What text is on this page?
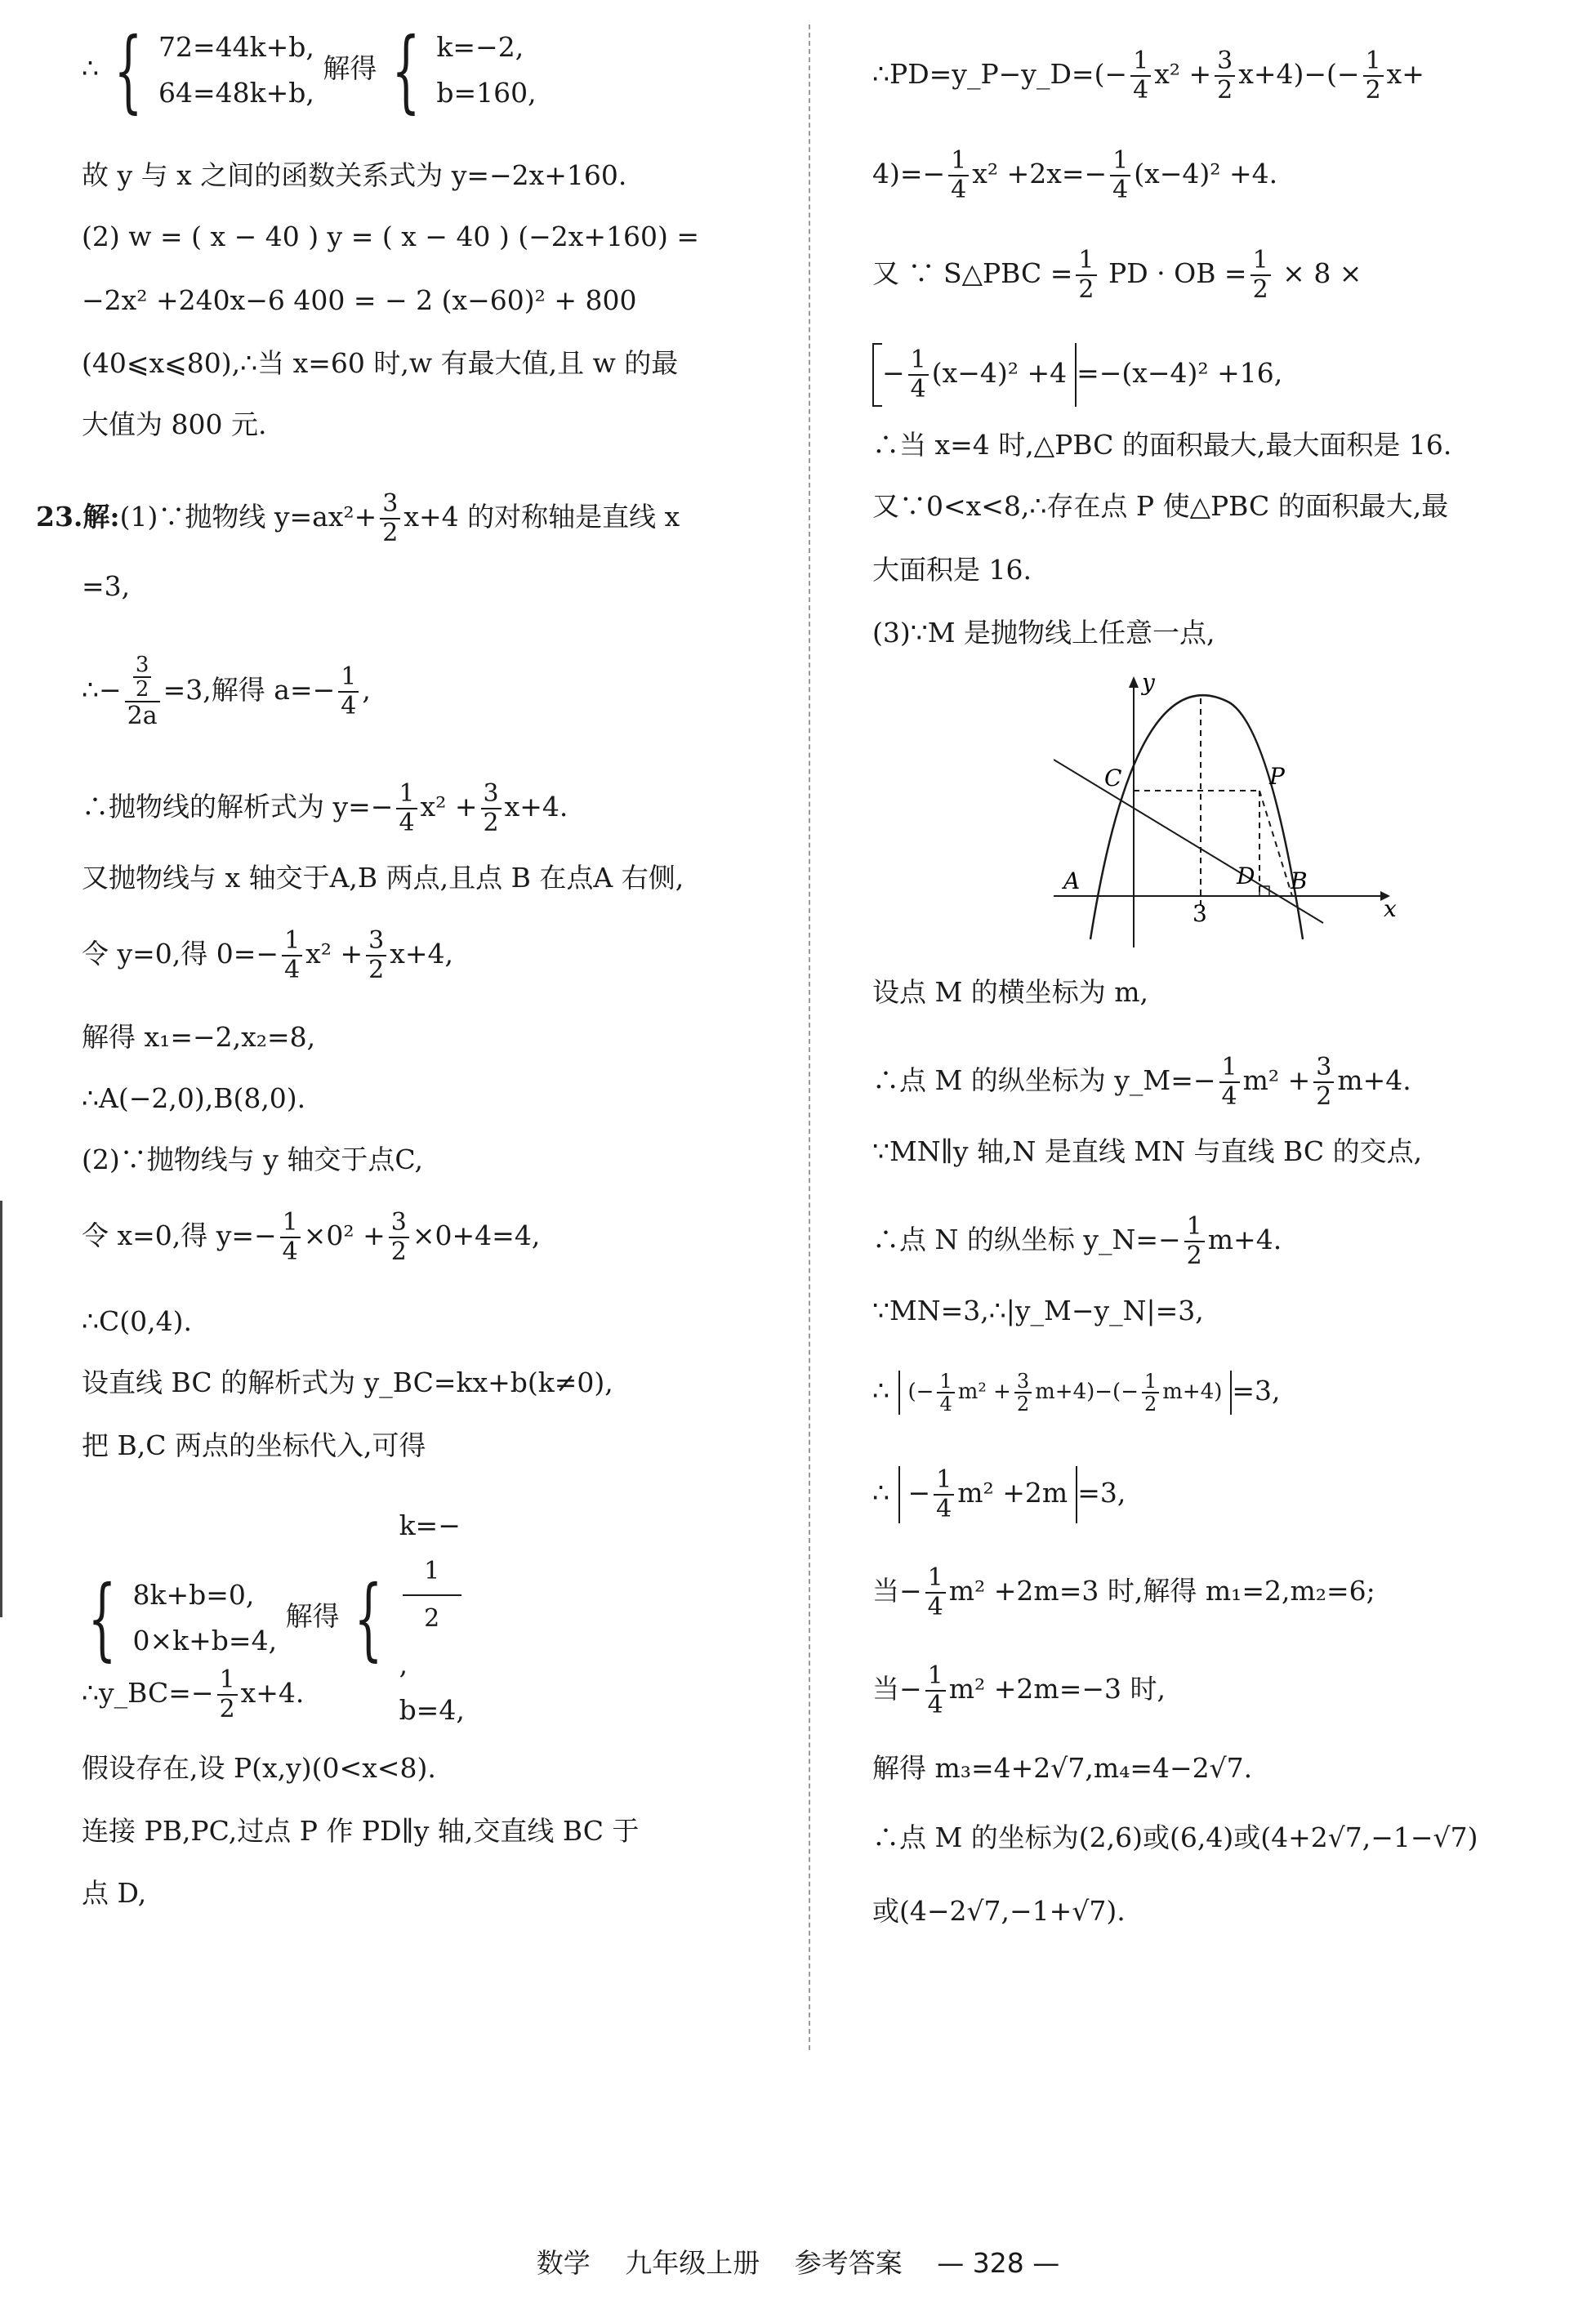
∴ { 72=44k+b,
64=48k+b,
解得 { k=−2,
b=160,
故 y 与 x 之间的函数关系式为 y=−2x+160.
(2) w = ( x − 40 ) y = ( x − 40 ) (−2x+160) =
−2x² +240x−6 400 = − 2 (x−60)² + 800
(40⩽x⩽80),∴当 x=60 时,w 有最大值,且 w 的最
大值为 800 元.
23.解:(1)∵抛物线 $y=ax^2+ \frac{3}{2} x+4$ 的对称轴是直线 x
=3,
∴− $\frac{\frac{3}{2}}{2a} =3$,解得 $a=- \frac{1}{4}$ ,
∴抛物线的解析式为 $y=- \frac{1}{4} x^2 + \frac{3}{2} x+4$.
又抛物线与 x 轴交于A,B 两点,且点 B 在点A 右侧,
令 y=0,得 $0=- \frac{1}{4} x^2 + \frac{3}{2} x+4$,
解得 x₁=−2,x₂=8,
∴A(−2,0),B(8,0).
(2)∵抛物线与 y 轴交于点C,
令 x=0,得 $y=- \frac{1}{4} \times 0^2 + \frac{3}{2} \times 0+4=4$,
∴C(0,4).
设直线 BC 的解析式为 y_BC=kx+b(k≠0),
把 B,C 两点的坐标代入,可得
{ 8k+b=0,
0×k+b=4,
解得 {
k=−
1
2
,
b=4,
∴y_BC=− $\frac{1}{2} x+4$.
假设存在,设 P(x,y)(0<x<8).
连接 PB,PC,过点 P 作 PD∥y 轴,交直线 BC 于
点 D,
∴PD=y_P−y_D=(− $\frac{1}{4} x^2 + \frac{3}{2} x+4)-(- \frac{1}{2} x+$
$4)=- \frac{1}{4} x^2 +2x=- \frac{1}{4} (x-4)^2 +4$.
又 ∵ S△PBC = $\frac{1}{2}$ PD · OB = $\frac{1}{2} \times 8$ ×
− $\frac{1}{4} (x-4)^2 +4 =-(x-4)^2 +16$,
∴当 x=4 时,△PBC 的面积最大,最大面积是 16.
又∵0<x<8,∴存在点 P 使△PBC 的面积最大,最
大面积是 16.
(3)∵M 是抛物线上任意一点,
设点 M 的横坐标为 m,
∴点 M 的纵坐标为 y_M=− $\frac{1}{4} m^2 + \frac{3}{2} m+4$.
∵MN∥y 轴,N 是直线 MN 与直线 BC 的交点,
∴点 N 的纵坐标 y_N=− $\frac{1}{2} m+4$.
∵MN=3,∴|y_M−y_N|=3,
∴ (− $\frac{1}{4} m^2 + \frac{3}{2} m+4)-(- \frac{1}{2} m+4) =3$,
∴ − $\frac{1}{4} m^2 +2m =3$,
当− $\frac{1}{4} m^2 +2m=3$ 时,解得 m₁=2,m₂=6;
当− $\frac{1}{4} m^2 +2m=-3$ 时,
解得 m₃=4+2√7,m₄=4−2√7.
∴点 M 的坐标为(2,6)或(6,4)或(4+2√7,−1−√7)
或(4−2√7,−1+√7).
y
x
C	P
A	D B
3
数学 九年级上册 参考答案 — 328 —
